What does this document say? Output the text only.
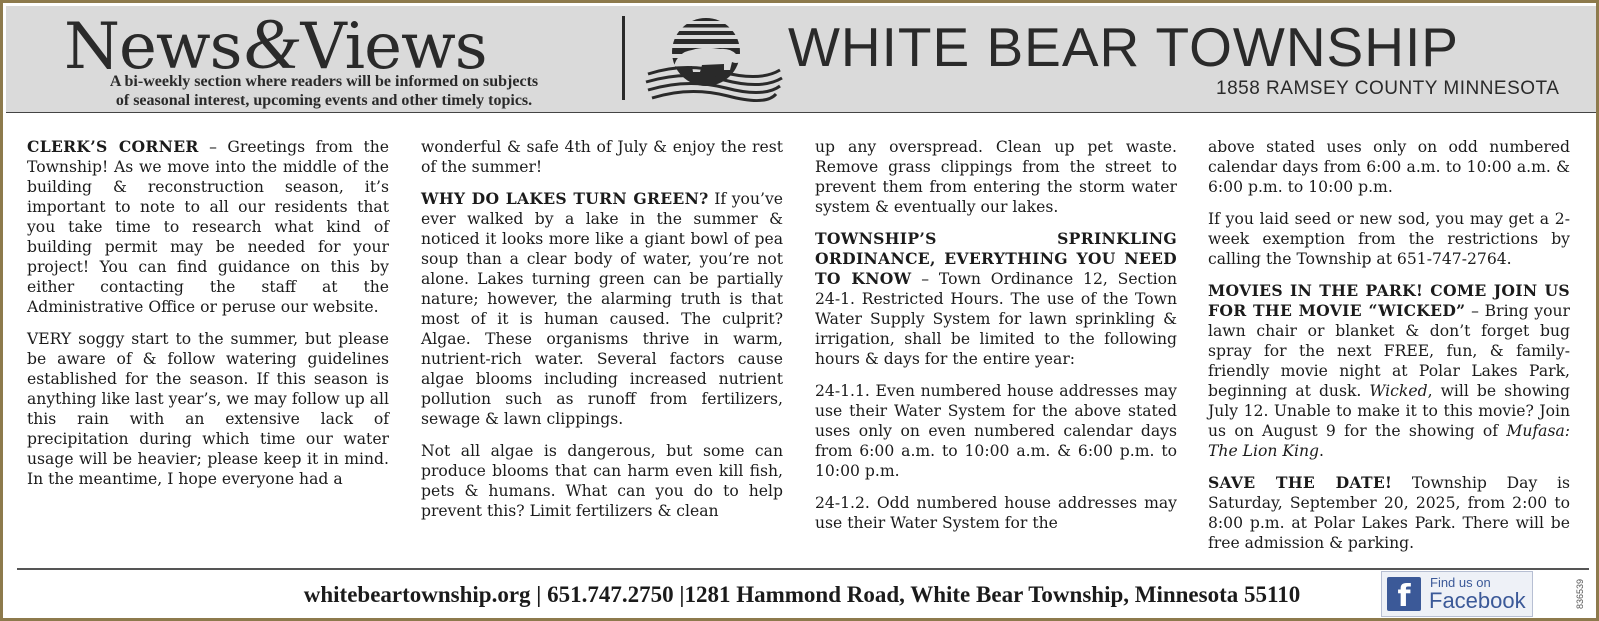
News&Views
A bi-weekly section where readers will be informed on subjects
of seasonal interest, upcoming events and other timely topics.
WHITE BEAR TOWNSHIP
1858 RAMSEY COUNTY MINNESOTA

CLERK’S CORNER – Greetings from the Township! As we move into the middle of the building & reconstruction season, it’s important to note to all our residents that you take time to research what kind of building permit may be needed for your project! You can find guidance on this by either contacting the staff at the Administrative Office or peruse our website.

VERY soggy start to the summer, but please be aware of & follow watering guidelines established for the season. If this season is anything like last year’s, we may follow up all this rain with an extensive lack of precipitation during which time our water usage will be heavier; please keep it in mind. In the meantime, I hope everyone had a

wonderful & safe 4th of July & enjoy the rest of the summer!

WHY DO LAKES TURN GREEN? If you’ve ever walked by a lake in the summer & noticed it looks more like a giant bowl of pea soup than a clear body of water, you’re not alone. Lakes turning green can be partially nature; however, the alarming truth is that most of it is human caused. The culprit? Algae. These organisms thrive in warm, nutrient-rich water. Several factors cause algae blooms including increased nutrient pollution such as runoff from fertilizers, sewage & lawn clippings.

Not all algae is dangerous, but some can produce blooms that can harm even kill fish, pets & humans. What can you do to help prevent this? Limit fertilizers & clean

up any overspread. Clean up pet waste. Remove grass clippings from the street to prevent them from entering the storm water system & eventually our lakes.

TOWNSHIP’S SPRINKLING ORDINANCE, EVERYTHING YOU NEED TO KNOW – Town Ordinance 12, Section 24-1. Restricted Hours. The use of the Town Water Supply System for lawn sprinkling & irrigation, shall be limited to the following hours & days for the entire year:

24-1.1. Even numbered house addresses may use their Water System for the above stated uses only on even numbered calendar days from 6:00 a.m. to 10:00 a.m. & 6:00 p.m. to 10:00 p.m.

24-1.2. Odd numbered house addresses may use their Water System for the

above stated uses only on odd numbered calendar days from 6:00 a.m. to 10:00 a.m. & 6:00 p.m. to 10:00 p.m.

If you laid seed or new sod, you may get a 2-week exemption from the restrictions by calling the Township at 651-747-2764.

MOVIES IN THE PARK! COME JOIN US FOR THE MOVIE “WICKED” – Bring your lawn chair or blanket & don’t forget bug spray for the next FREE, fun, & family-friendly movie night at Polar Lakes Park, beginning at dusk. Wicked, will be showing July 12. Unable to make it to this movie? Join us on August 9 for the showing of Mufasa: The Lion King.

SAVE THE DATE! Township Day is Saturday, September 20, 2025, from 2:00 to 8:00 p.m. at Polar Lakes Park. There will be free admission & parking.

whitebeartownship.org | 651.747.2750 |1281 Hammond Road, White Bear Township, Minnesota 55110	f	Find us on
Facebook	836539
